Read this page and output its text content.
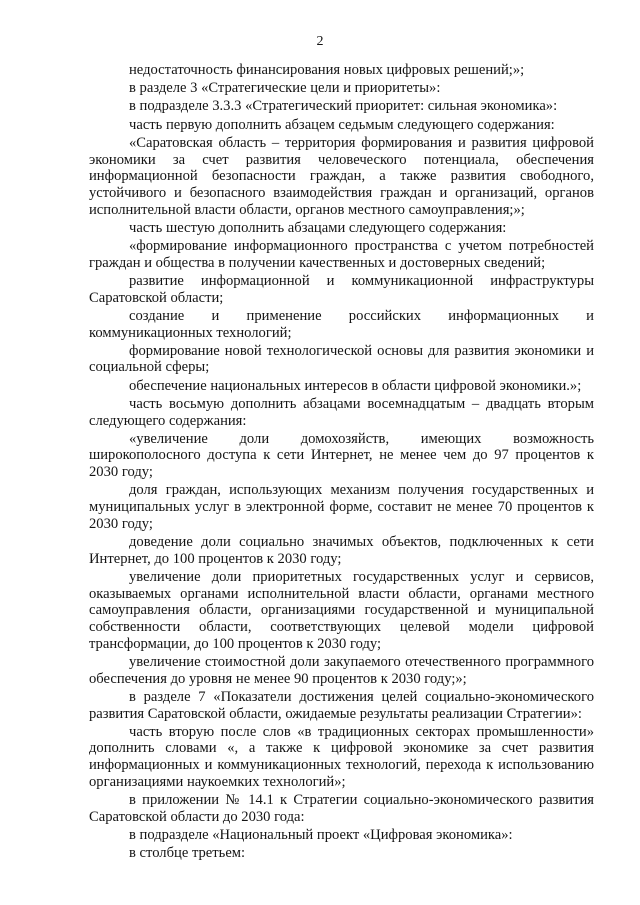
2

недостаточность финансирования новых цифровых решений;»;

в разделе 3 «Стратегические цели и приоритеты»:

в подразделе 3.3.3 «Стратегический приоритет: сильная экономика»:

часть первую дополнить абзацем седьмым следующего содержания:

«Саратовская область – территория формирования и развития цифровой экономики за счет развития человеческого потенциала, обеспечения информационной безопасности граждан, а также развития свободного, устойчивого и безопасного взаимодействия граждан и организаций, органов исполнительной власти области, органов местного самоуправления;»;

часть шестую дополнить абзацами следующего содержания:

«формирование информационного пространства с учетом потребностей граждан и общества в получении качественных и достоверных сведений;

развитие информационной и коммуникационной инфраструктуры Саратовской области;

создание и применение российских информационных и коммуникационных технологий;

формирование новой технологической основы для развития экономики и социальной сферы;

обеспечение национальных интересов в области цифровой экономики.»;

часть восьмую дополнить абзацами восемнадцатым – двадцать вторым следующего содержания:

«увеличение доли домохозяйств, имеющих возможность широкополосного доступа к сети Интернет, не менее чем до 97 процентов к 2030 году;

доля граждан, использующих механизм получения государственных и муниципальных услуг в электронной форме, составит не менее 70 процентов к 2030 году;

доведение доли социально значимых объектов, подключенных к сети Интернет, до 100 процентов к 2030 году;

увеличение доли приоритетных государственных услуг и сервисов, оказываемых органами исполнительной власти области, органами местного самоуправления области, организациями государственной и муниципальной собственности области, соответствующих целевой модели цифровой трансформации, до 100 процентов к 2030 году;

увеличение стоимостной доли закупаемого отечественного программного обеспечения до уровня не менее 90 процентов к 2030 году;»;

в разделе 7 «Показатели достижения целей социально-экономического развития Саратовской области, ожидаемые результаты реализации Стратегии»:

часть вторую после слов «в традиционных секторах промышленности» дополнить словами «, а также к цифровой экономике за счет развития информационных и коммуникационных технологий, перехода к использованию организациями наукоемких технологий»;

в приложении № 14.1 к Стратегии социально-экономического развития Саратовской области до 2030 года:

в подразделе «Национальный проект «Цифровая экономика»:

в столбце третьем:
